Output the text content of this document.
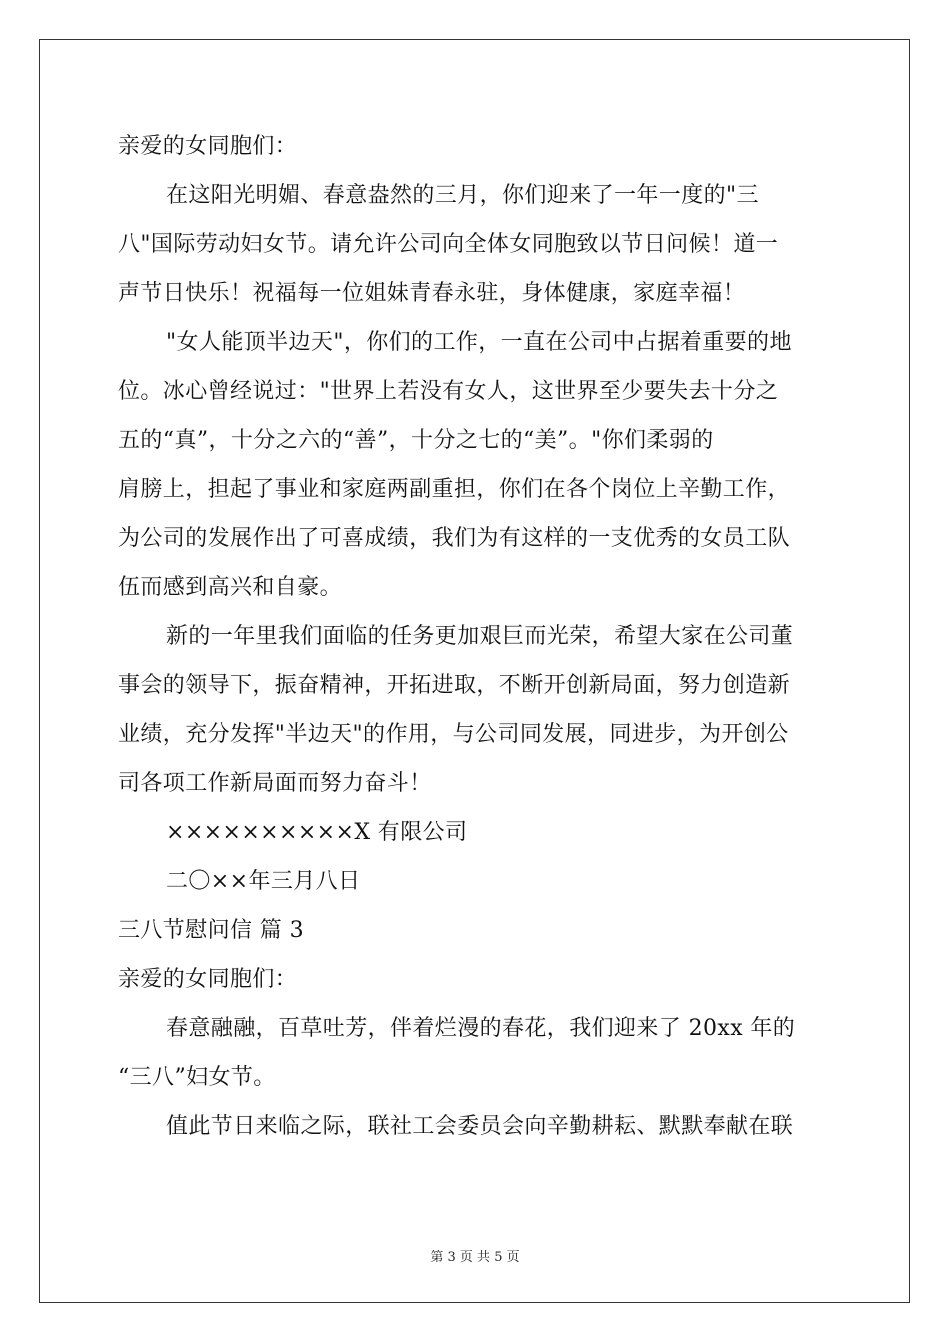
亲爱的女同胞们：
在这阳光明媚、春意盎然的三月，你们迎来了一年一度的"三
八"国际劳动妇女节。请允许公司向全体女同胞致以节日问候！道一
声节日快乐！祝福每一位姐妹青春永驻，身体健康，家庭幸福！
"女人能顶半边天"，你们的工作，一直在公司中占据着重要的地
位。冰心曾经说过："世界上若没有女人，这世界至少要失去十分之
五的“真”，十分之六的“善”，十分之七的“美”。"你们柔弱的
肩膀上，担起了事业和家庭两副重担，你们在各个岗位上辛勤工作，
为公司的发展作出了可喜成绩，我们为有这样的一支优秀的女员工队
伍而感到高兴和自豪。
新的一年里我们面临的任务更加艰巨而光荣，希望大家在公司董
事会的领导下，振奋精神，开拓进取，不断开创新局面，努力创造新
业绩，充分发挥"半边天"的作用，与公司同发展，同进步，为开创公
司各项工作新局面而努力奋斗！
××××××××××X 有限公司
二〇××年三月八日
三八节慰问信 篇 3
亲爱的女同胞们：
春意融融，百草吐芳，伴着烂漫的春花，我们迎来了 20xx 年的
“三八”妇女节。
值此节日来临之际，联社工会委员会向辛勤耕耘、默默奉献在联
第 3 页 共 5 页
